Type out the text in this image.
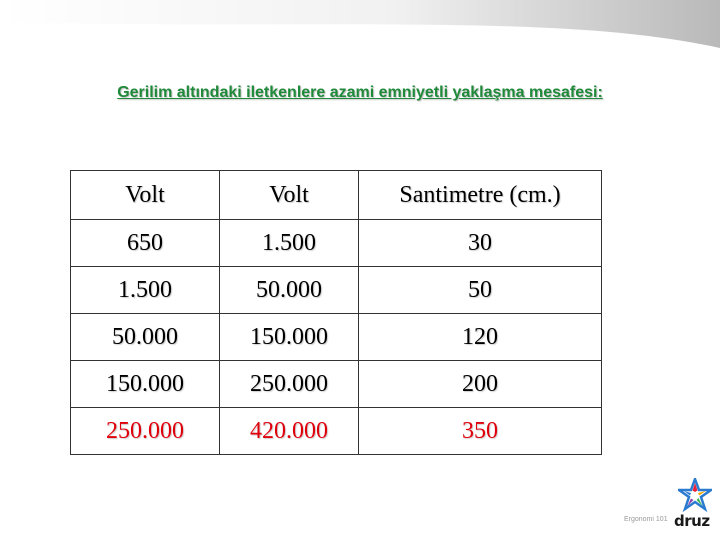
Gerilim altındaki iletkenlere azami emniyetli yaklaşma mesafesi:
Volt	Volt	Santimetre (cm.)
650	1.500	30
1.500	50.000	50
50.000	150.000	120
150.000	250.000	200
250.000	420.000	350
Ergonomi 101 druz
